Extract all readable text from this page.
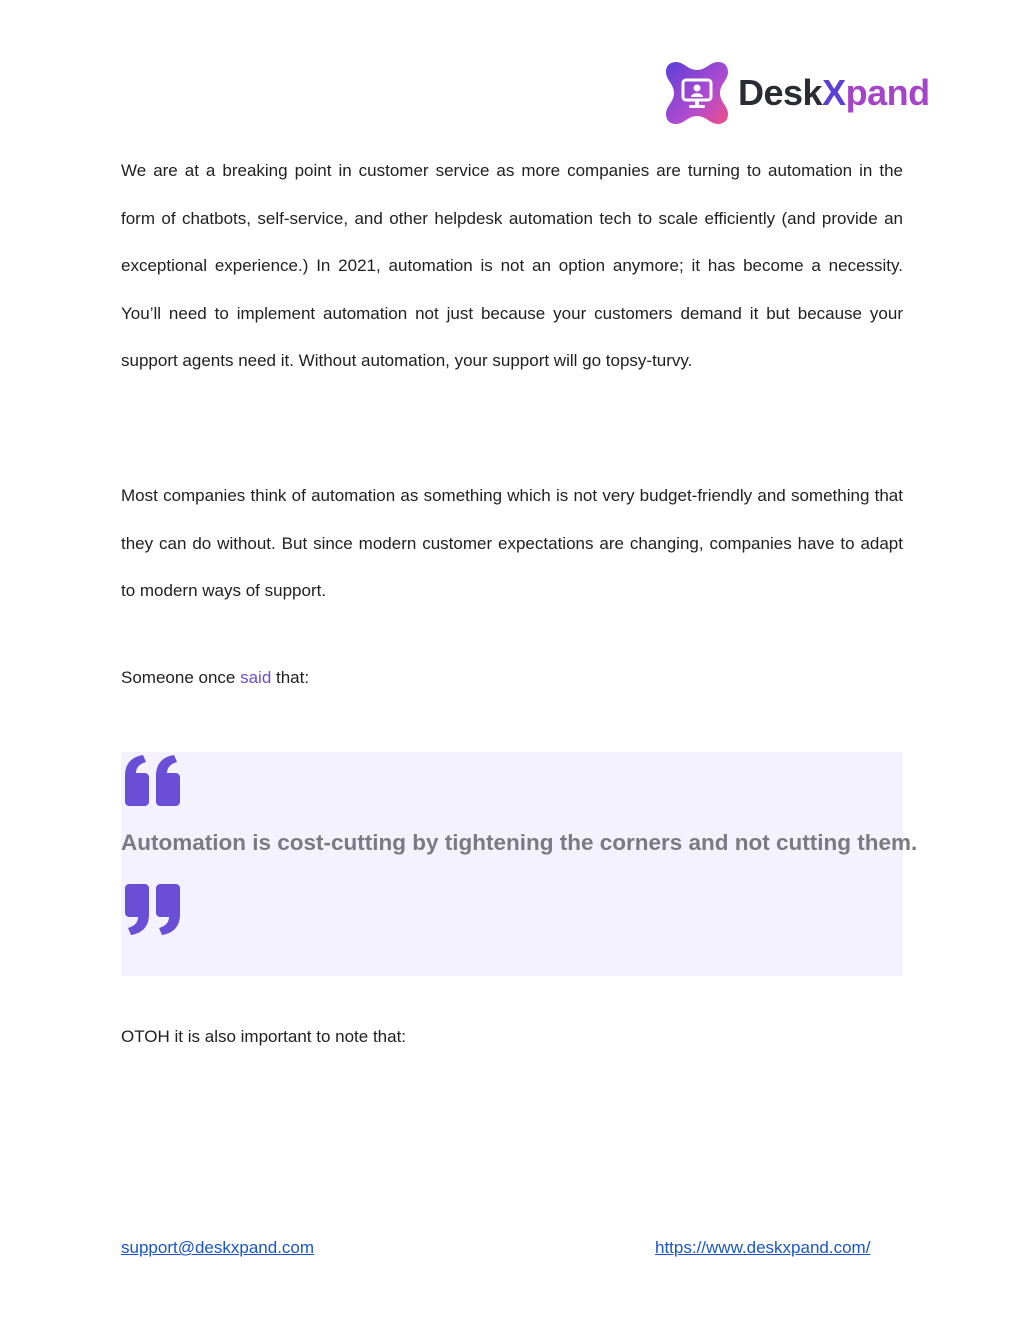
DeskXpand

We are at a breaking point in customer service as more companies are turning to automation in the form of chatbots, self-service, and other helpdesk automation tech to scale efficiently (and provide an exceptional experience.) In 2021, automation is not an option anymore; it has become a necessity. You’ll need to implement automation not just because your customers demand it but because your support agents need it. Without automation, your support will go topsy-turvy.

Most companies think of automation as something which is not very budget-friendly and something that they can do without. But since modern customer expectations are changing, companies have to adapt to modern ways of support.

Someone once said that:

Automation is cost-cutting by tightening the corners and not cutting them.

OTOH it is also important to note that:

support@deskxpand.com	https://www.deskxpand.com/
